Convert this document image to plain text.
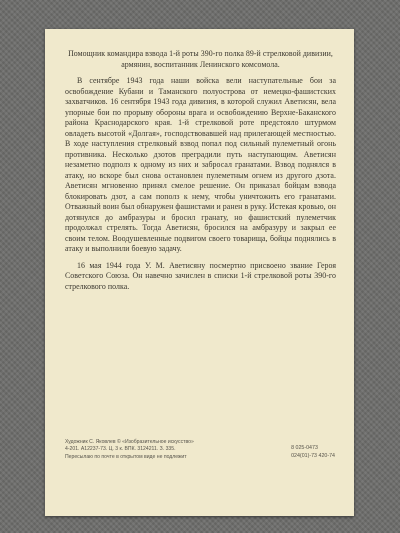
Помощник командира взвода 1-й роты 390-го полка 89-й стрелковой дивизии, армянин, воспитанник Ленинского комсомола.

В сентябре 1943 года наши войска вели наступательные бои за освобождение Кубани и Таманского полуострова от немецко-фашистских захватчиков. 16 сентября 1943 года дивизия, в которой служил Аветисян, вела упорные бои по прорыву обороны врага и освобождению Верхне-Баканского района Краснодарского края. 1-й стрелковой роте предстояло штурмом овладеть высотой «Долгая», господствовавшей над прилегающей местностью. В ходе наступления стрелковый взвод попал под сильный пулеметный огонь противника. Несколько дзотов преградили путь наступающим. Аветисян незаметно подполз к одному из них и забросал гранатами. Взвод поднялся в атаку, но вскоре был снова остановлен пулеметным огнем из другого дзота. Аветисян мгновенно принял смелое решение. Он приказал бойцам взвода блокировать дзот, а сам пополз к нему, чтобы уничтожить его гранатами. Отважный воин был обнаружен фашистами и ранен в руку. Истекая кровью, он дотянулся до амбразуры и бросил гранату, но фашистский пулеметчик продолжал стрелять. Тогда Аветисян, бросился на амбразуру и закрыл ее своим телом. Воодушевленные подвигом своего товарища, бойцы поднялись в атаку и выполнили боевую задачу.

16 мая 1944 года У. М. Аветисяну посмертно присвоено звание Героя Советского Союза. Он навечно зачислен в списки 1-й стрелковой роты 390-го стрелкового полка.

Художник С. Яковлев © «Изобразительное искусство»
4-201. А12237-73. Ц. 3 к. ВПК. 3124211. З. 335.
Пересылаю по почте в открытом виде не подлежит
8 025-0473
024(01)-73 420-74
